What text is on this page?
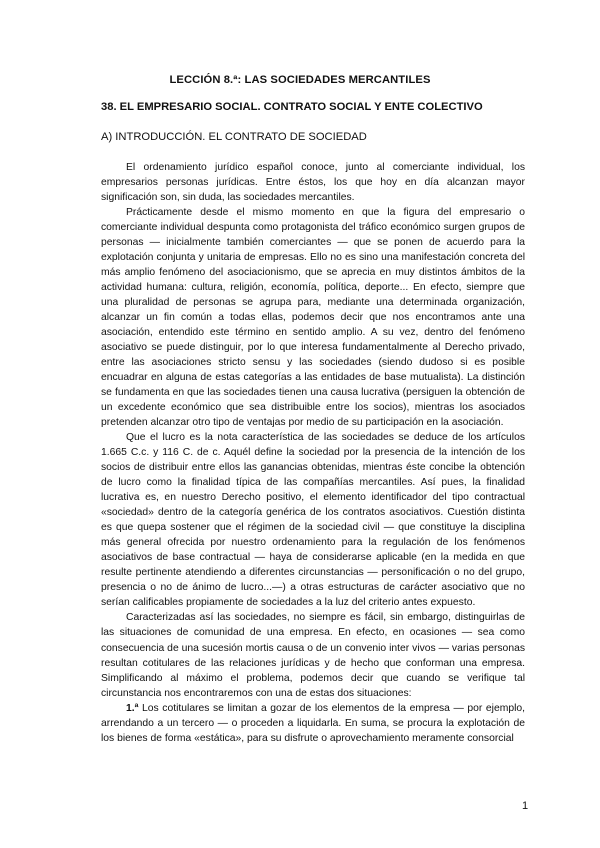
LECCIÓN 8.ª: LAS SOCIEDADES MERCANTILES
38. EL EMPRESARIO SOCIAL. CONTRATO SOCIAL Y ENTE COLECTIVO
A) INTRODUCCIÓN. EL CONTRATO DE SOCIEDAD

El ordenamiento jurídico español conoce, junto al comerciante individual, los empresarios personas jurídicas. Entre éstos, los que hoy en día alcanzan mayor significación son, sin duda, las sociedades mercantiles.

Prácticamente desde el mismo momento en que la figura del empresario o comerciante individual despunta como protagonista del tráfico económico surgen grupos de personas — inicialmente también comerciantes — que se ponen de acuerdo para la explotación conjunta y unitaria de empresas. Ello no es sino una manifestación concreta del más amplio fenómeno del asociacionismo, que se aprecia en muy distintos ámbitos de la actividad humana: cultura, religión, economía, política, deporte... En efecto, siempre que una pluralidad de personas se agrupa para, mediante una determinada organización, alcanzar un fin común a todas ellas, podemos decir que nos encontramos ante una asociación, entendido este término en sentido amplio. A su vez, dentro del fenómeno asociativo se puede distinguir, por lo que interesa fundamentalmente al Derecho privado, entre las asociaciones stricto sensu y las sociedades (siendo dudoso si es posible encuadrar en alguna de estas categorías a las entidades de base mutualista). La distinción se fundamenta en que las sociedades tienen una causa lucrativa (persiguen la obtención de un excedente económico que sea distribuible entre los socios), mientras los asociados pretenden alcanzar otro tipo de ventajas por medio de su participación en la asociación.

Que el lucro es la nota característica de las sociedades se deduce de los artículos 1.665 C.c. y 116 C. de c. Aquél define la sociedad por la presencia de la intención de los socios de distribuir entre ellos las ganancias obtenidas, mientras éste concibe la obtención de lucro como la finalidad típica de las compañías mercantiles. Así pues, la finalidad lucrativa es, en nuestro Derecho positivo, el elemento identificador del tipo contractual «sociedad» dentro de la categoría genérica de los contratos asociativos. Cuestión distinta es que quepa sostener que el régimen de la sociedad civil — que constituye la disciplina más general ofrecida por nuestro ordenamiento para la regulación de los fenómenos asociativos de base contractual — haya de considerarse aplicable (en la medida en que resulte pertinente atendiendo a diferentes circunstancias — personificación o no del grupo, presencia o no de ánimo de lucro...—) a otras estructuras de carácter asociativo que no serían calificables propiamente de sociedades a la luz del criterio antes expuesto.

Caracterizadas así las sociedades, no siempre es fácil, sin embargo, distinguirlas de las situaciones de comunidad de una empresa. En efecto, en ocasiones — sea como consecuencia de una sucesión mortis causa o de un convenio inter vivos — varias personas resultan cotitulares de las relaciones jurídicas y de hecho que conforman una empresa. Simplificando al máximo el problema, podemos decir que cuando se verifique tal circunstancia nos encontraremos con una de estas dos situaciones:

1.ª Los cotitulares se limitan a gozar de los elementos de la empresa — por ejemplo, arrendando a un tercero — o proceden a liquidarla. En suma, se procura la explotación de los bienes de forma «estática», para su disfrute o aprovechamiento meramente consorcial

1
